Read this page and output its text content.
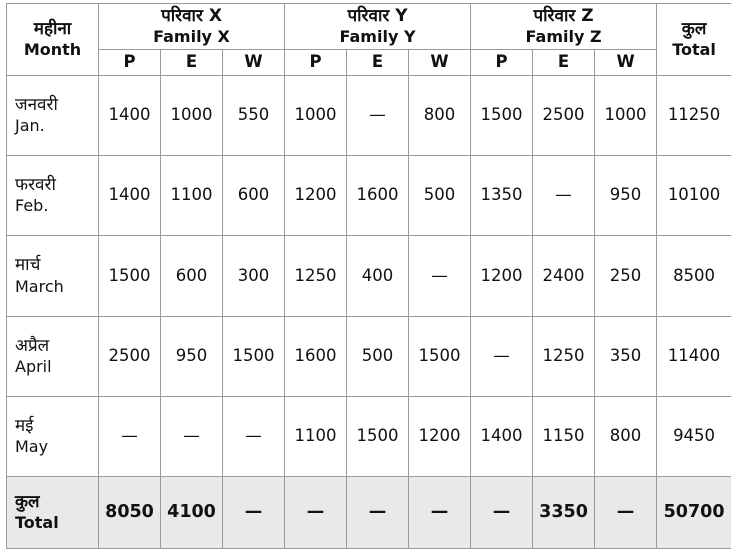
महीना
Month	परिवार X
Family X			परिवार Y
Family Y			परिवार Z
Family Z			कुल
Total

	P	E	W	P	E	W	P	E	W	

जनवरी
Jan.	1400	1000	550	1000	—	800	1500	2500	1000	11250

फरवरी
Feb.	1400	1100	600	1200	1600	500	1350	—	950	10100

मार्च
March	1500	600	300	1250	400	—	1200	2400	250	8500

अप्रैल
April	2500	950	1500	1600	500	1500	—	1250	350	11400

मई
May	—	—	—	1100	1500	1200	1400	1150	800	9450

कुल
Total	8050	4100	—	—	—	—	—	3350	—	50700
